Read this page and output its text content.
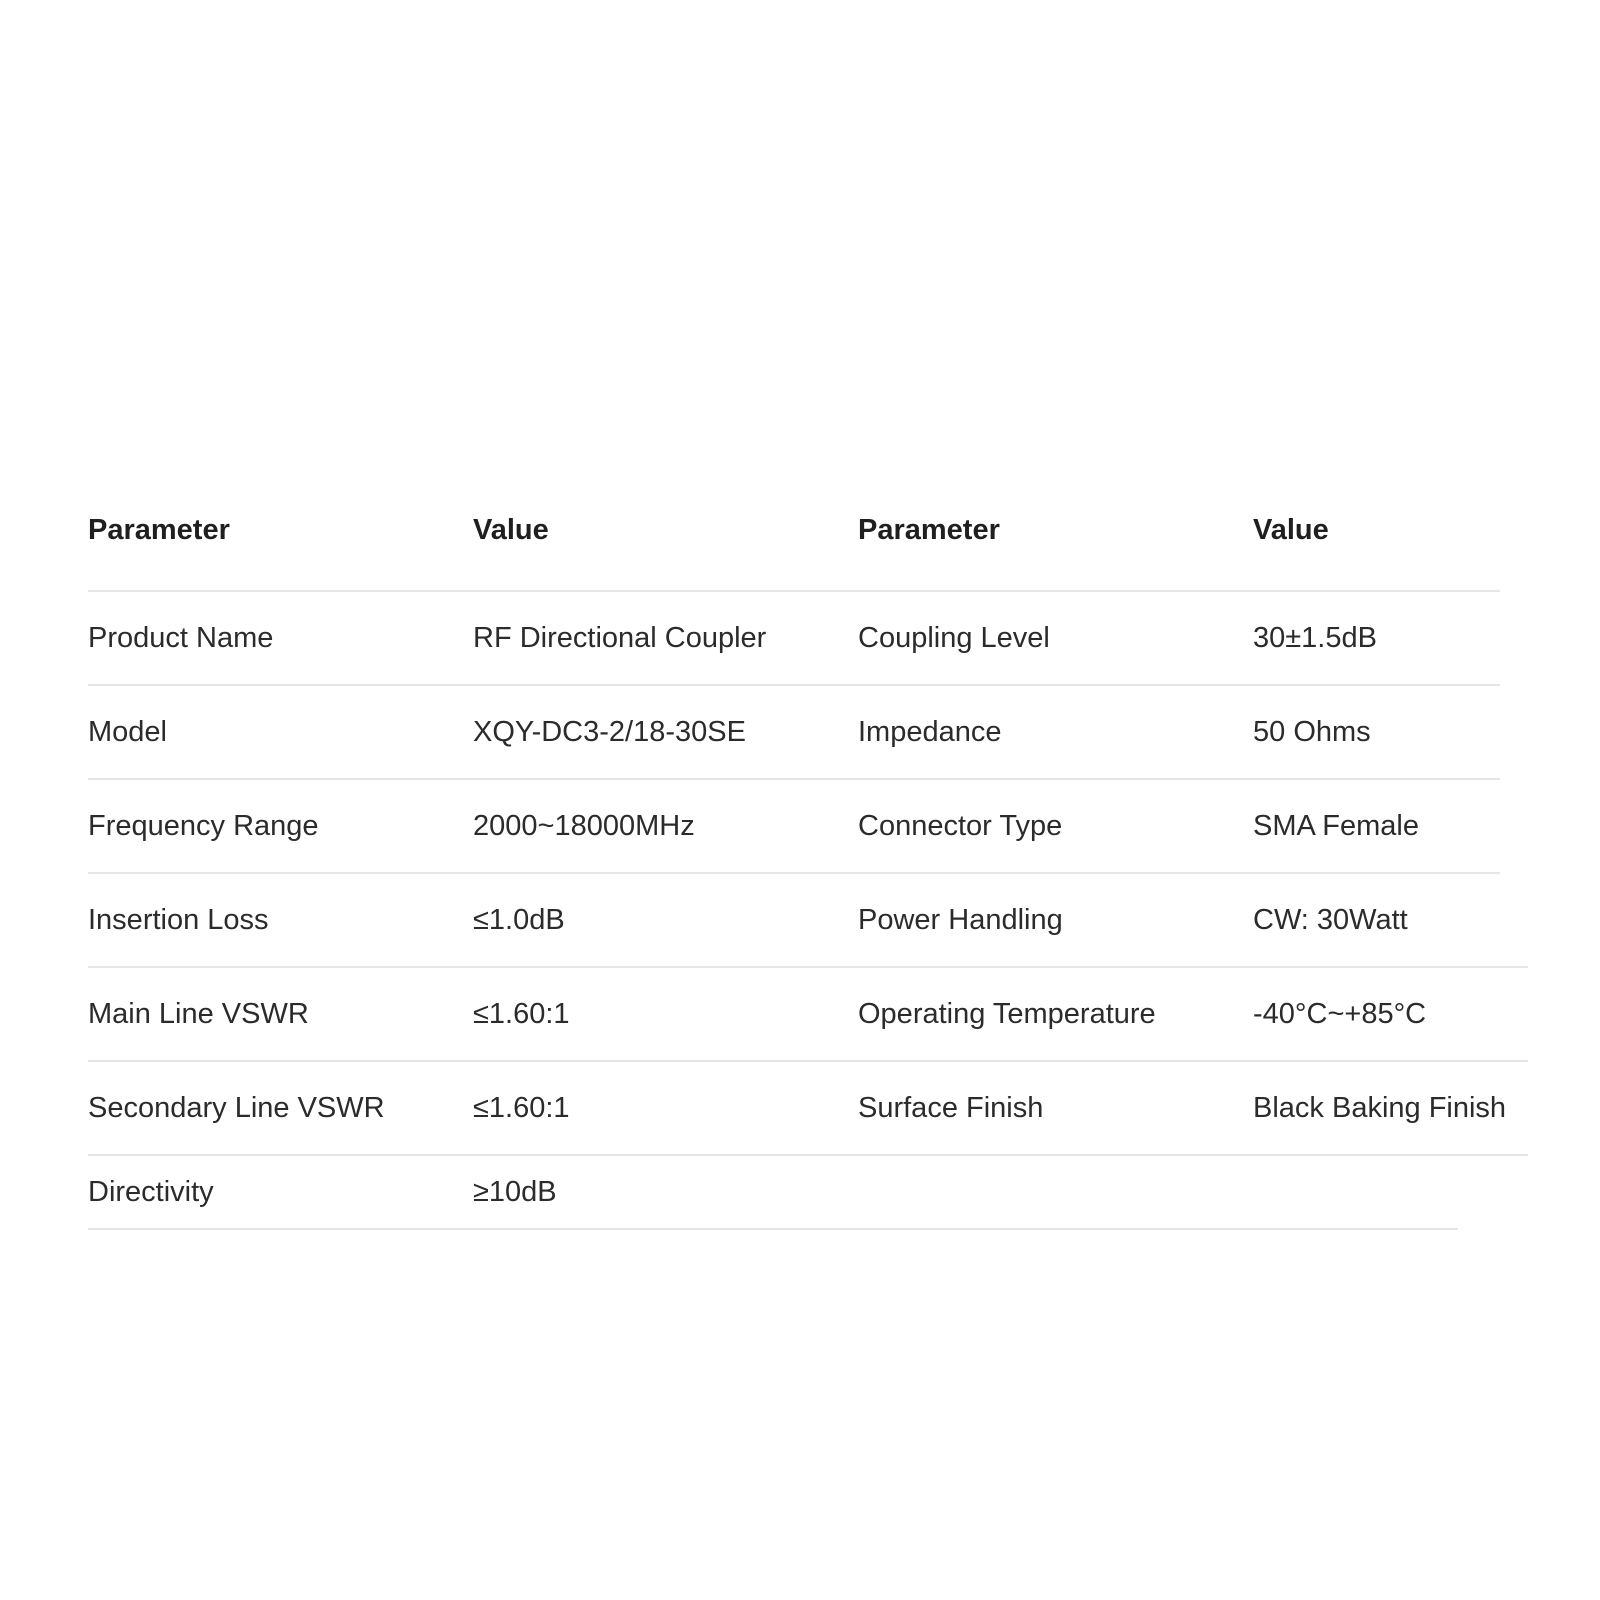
Parameter	Value	Parameter	Value
Product Name	RF Directional Coupler	Coupling Level	30±1.5dB
Model	XQY-DC3-2/18-30SE	Impedance	50 Ohms
Frequency Range	2000~18000MHz	Connector Type	SMA Female
Insertion Loss	≤1.0dB	Power Handling	CW: 30Watt
Main Line VSWR	≤1.60:1	Operating Temperature	-40°C~+85°C
Secondary Line VSWR	≤1.60:1	Surface Finish	Black Baking Finish
Directivity	≥10dB
